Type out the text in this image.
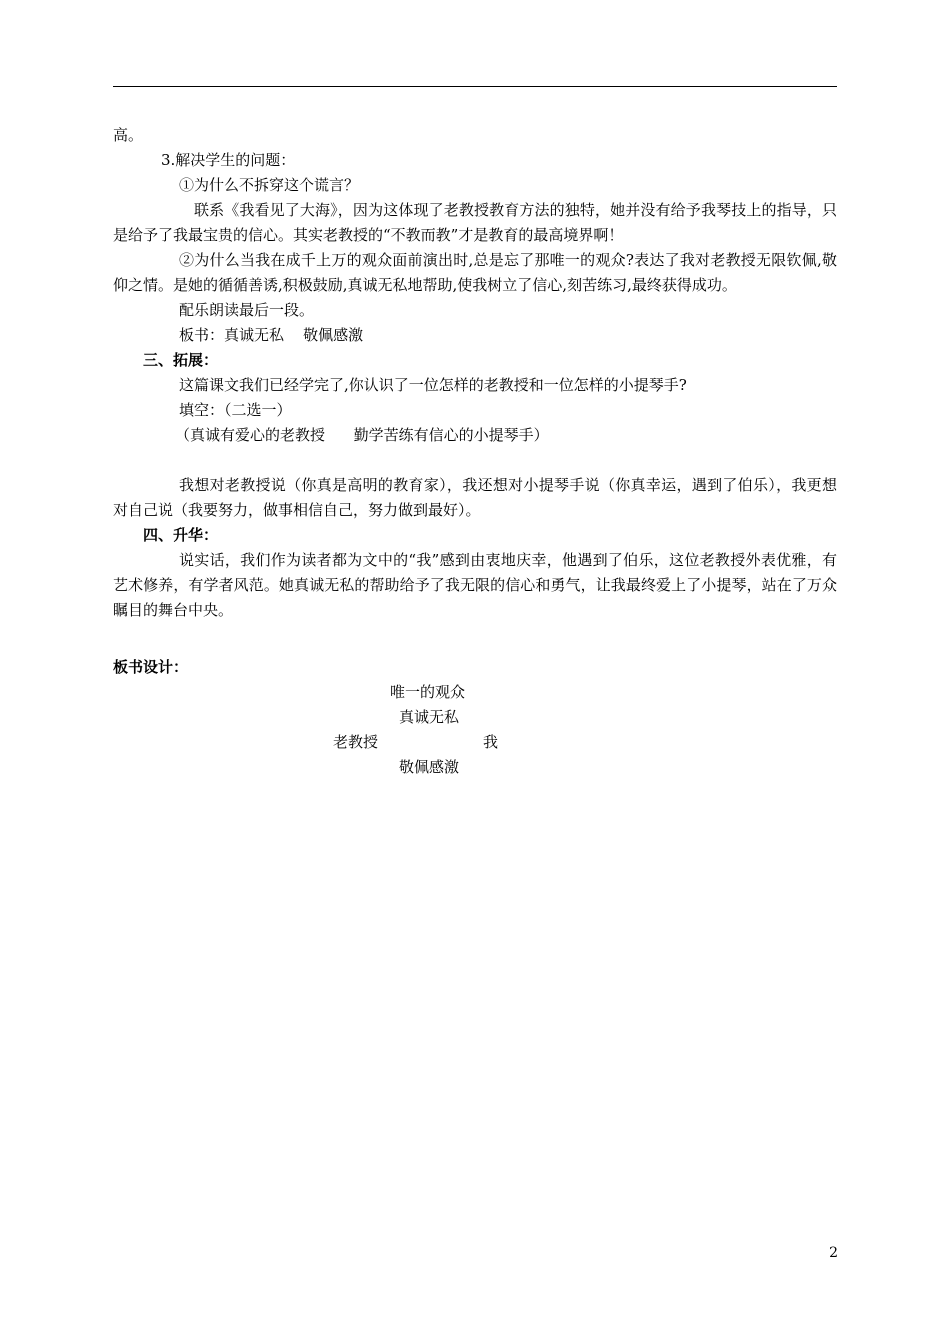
高。

3.解决学生的问题：

①为什么不拆穿这个谎言？

联系《我看见了大海》，因为这体现了老教授教育方法的独特，她并没有给予我琴技上的指导，只是给予了我最宝贵的信心。其实老教授的“不教而教”才是教育的最高境界啊！

②为什么当我在成千上万的观众面前演出时,总是忘了那唯一的观众?表达了我对老教授无限钦佩,敬仰之情。是她的循循善诱,积极鼓励,真诚无私地帮助,使我树立了信心,刻苦练习,最终获得成功。

配乐朗读最后一段。

板书：真诚无私    敬佩感激

三、拓展：

这篇课文我们已经学完了,你认识了一位怎样的老教授和一位怎样的小提琴手?

填空：（二选一）

（真诚有爱心的老教授      勤学苦练有信心的小提琴手）

我想对老教授说（你真是高明的教育家），我还想对小提琴手说（你真幸运，遇到了伯乐），我更想对自己说（我要努力，做事相信自己，努力做到最好）。

四、升华：

说实话，我们作为读者都为文中的“我”感到由衷地庆幸，他遇到了伯乐，这位老教授外表优雅，有艺术修养，有学者风范。她真诚无私的帮助给予了我无限的信心和勇气，让我最终爱上了小提琴，站在了万众瞩目的舞台中央。

板书设计：

唯一的观众
真诚无私
老教授	我
敬佩感激
2
